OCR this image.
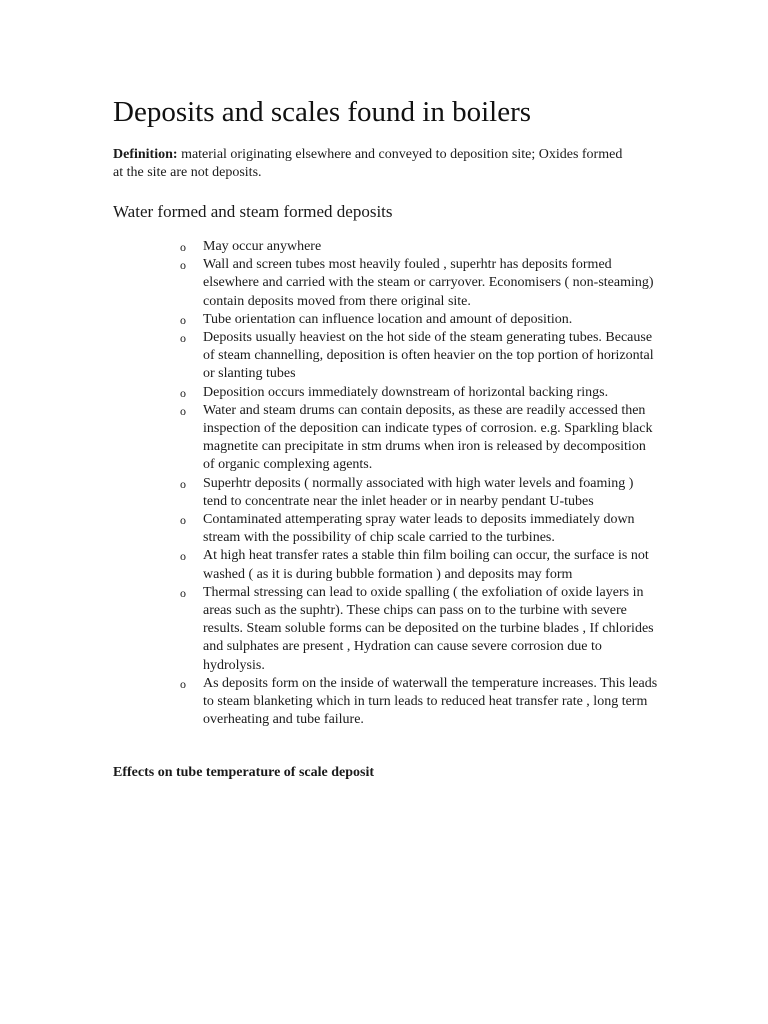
Deposits and scales found in boilers

Definition: material originating elsewhere and conveyed to deposition site; Oxides formed at the site are not deposits.

Water formed and steam formed deposits
o May occur anywhere
o Wall and screen tubes most heavily fouled , superhtr has deposits formed elsewhere and carried with the steam or carryover. Economisers ( non-steaming) contain deposits moved from there original site.
o Tube orientation can influence location and amount of deposition.
o Deposits usually heaviest on the hot side of the steam generating tubes. Because of steam channelling, deposition is often heavier on the top portion of horizontal or slanting tubes
o Deposition occurs immediately downstream of horizontal backing rings.
o Water and steam drums can contain deposits, as these are readily accessed then inspection of the deposition can indicate types of corrosion. e.g. Sparkling black magnetite can precipitate in stm drums when iron is released by decomposition of organic complexing agents.
o Superhtr deposits ( normally associated with high water levels and foaming ) tend to concentrate near the inlet header or in nearby pendant U-tubes
o Contaminated attemperating spray water leads to deposits immediately down stream with the possibility of chip scale carried to the turbines.
o At high heat transfer rates a stable thin film boiling can occur, the surface is not washed ( as it is during bubble formation ) and deposits may form
o Thermal stressing can lead to oxide spalling ( the exfoliation of oxide layers in areas such as the suphtr). These chips can pass on to the turbine with severe results. Steam soluble forms can be deposited on the turbine blades , If chlorides and sulphates are present , Hydration can cause severe corrosion due to hydrolysis.
o As deposits form on the inside of waterwall the temperature increases. This leads to steam blanketing which in turn leads to reduced heat transfer rate , long term overheating and tube failure.

Effects on tube temperature of scale deposit
